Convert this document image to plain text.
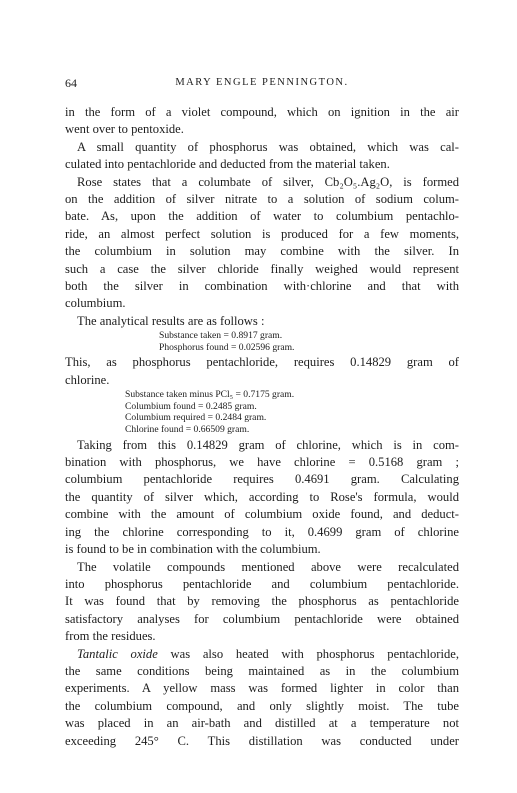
64	MARY ENGLE PENNINGTON.
in the form of a violet compound, which on ignition in the air
went over to pentoxide.
A small quantity of phosphorus was obtained, which was cal-
culated into pentachloride and deducted from the material taken.
Rose states that a columbate of silver, Cb₂O₅.Ag₂O, is formed
on the addition of silver nitrate to a solution of sodium colum-
bate. As, upon the addition of water to columbium pentachlo-
ride, an almost perfect solution is produced for a few moments,
the columbium in solution may combine with the silver. In
such a case the silver chloride finally weighed would represent
both the silver in combination with·chlorine and that with
columbium.
The analytical results are as follows :
Substance taken = 0.8917 gram.
Phosphorus found = 0.02596 gram.
This, as phosphorus pentachloride, requires 0.14829 gram of
chlorine.
Substance taken minus PCl₅ = 0.7175 gram.
Columbium found = 0.2485 gram.
Columbium required = 0.2484 gram.
Chlorine found = 0.66509 gram.
Taking from this 0.14829 gram of chlorine, which is in com-
bination with phosphorus, we have chlorine = 0.5168 gram ;
columbium pentachloride requires 0.4691 gram. Calculating
the quantity of silver which, according to Rose's formula, would
combine with the amount of columbium oxide found, and deduct-
ing the chlorine corresponding to it, 0.4699 gram of chlorine
is found to be in combination with the columbium.
The volatile compounds mentioned above were recalculated
into phosphorus pentachloride and columbium pentachloride.
It was found that by removing the phosphorus as pentachloride
satisfactory analyses for columbium pentachloride were obtained
from the residues.
Tantalic oxide was also heated with phosphorus pentachloride,
the same conditions being maintained as in the columbium
experiments. A yellow mass was formed lighter in color than
the columbium compound, and only slightly moist. The tube
was placed in an air-bath and distilled at a temperature not
exceeding 245° C. This distillation was conducted under
